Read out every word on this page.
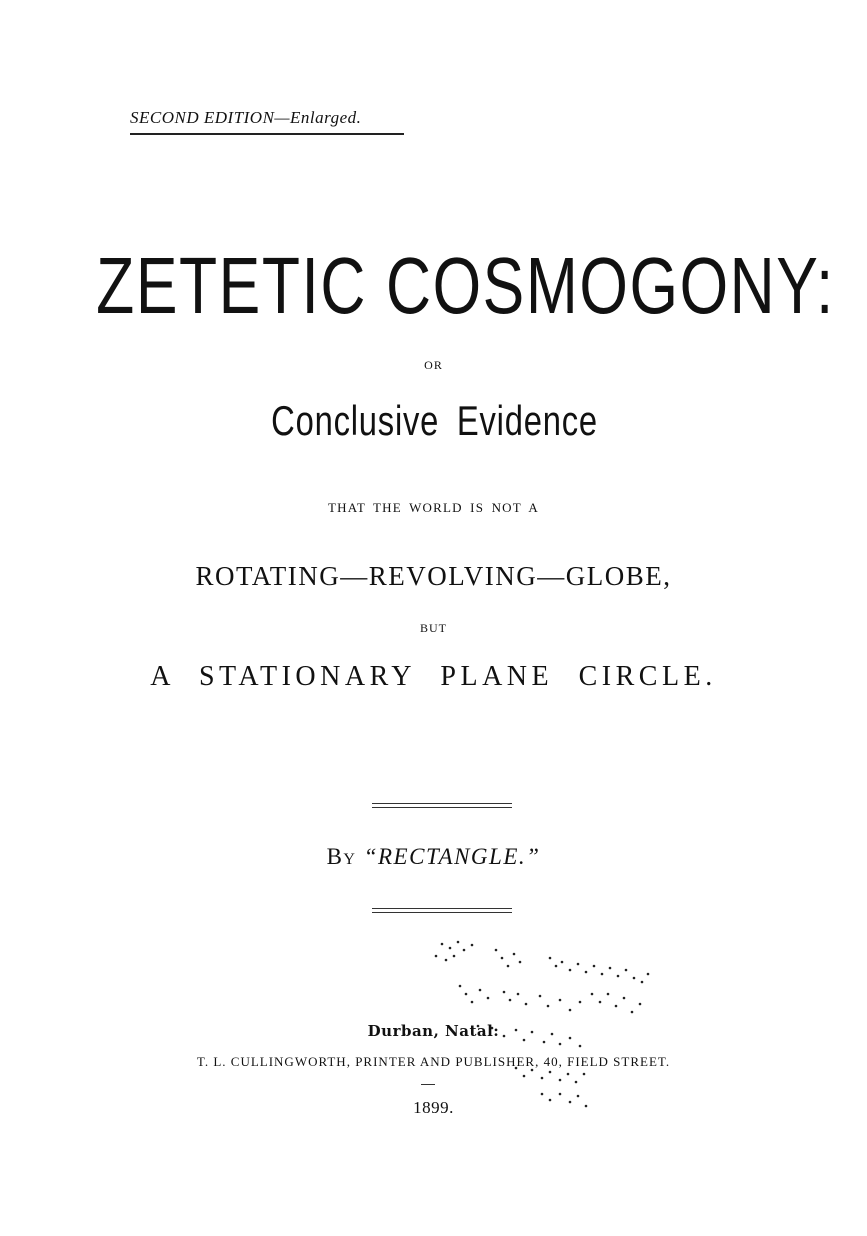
SECOND EDITION—Enlarged.
ZETETIC COSMOGONY:
OR
Conclusive Evidence
THAT THE WORLD IS NOT A
ROTATING—REVOLVING—GLOBE,
BUT
A STATIONARY PLANE CIRCLE.
By “RECTANGLE.”
Durban, Natal:
T. L. CULLINGWORTH, PRINTER AND PUBLISHER, 40, FIELD STREET.
1899.
